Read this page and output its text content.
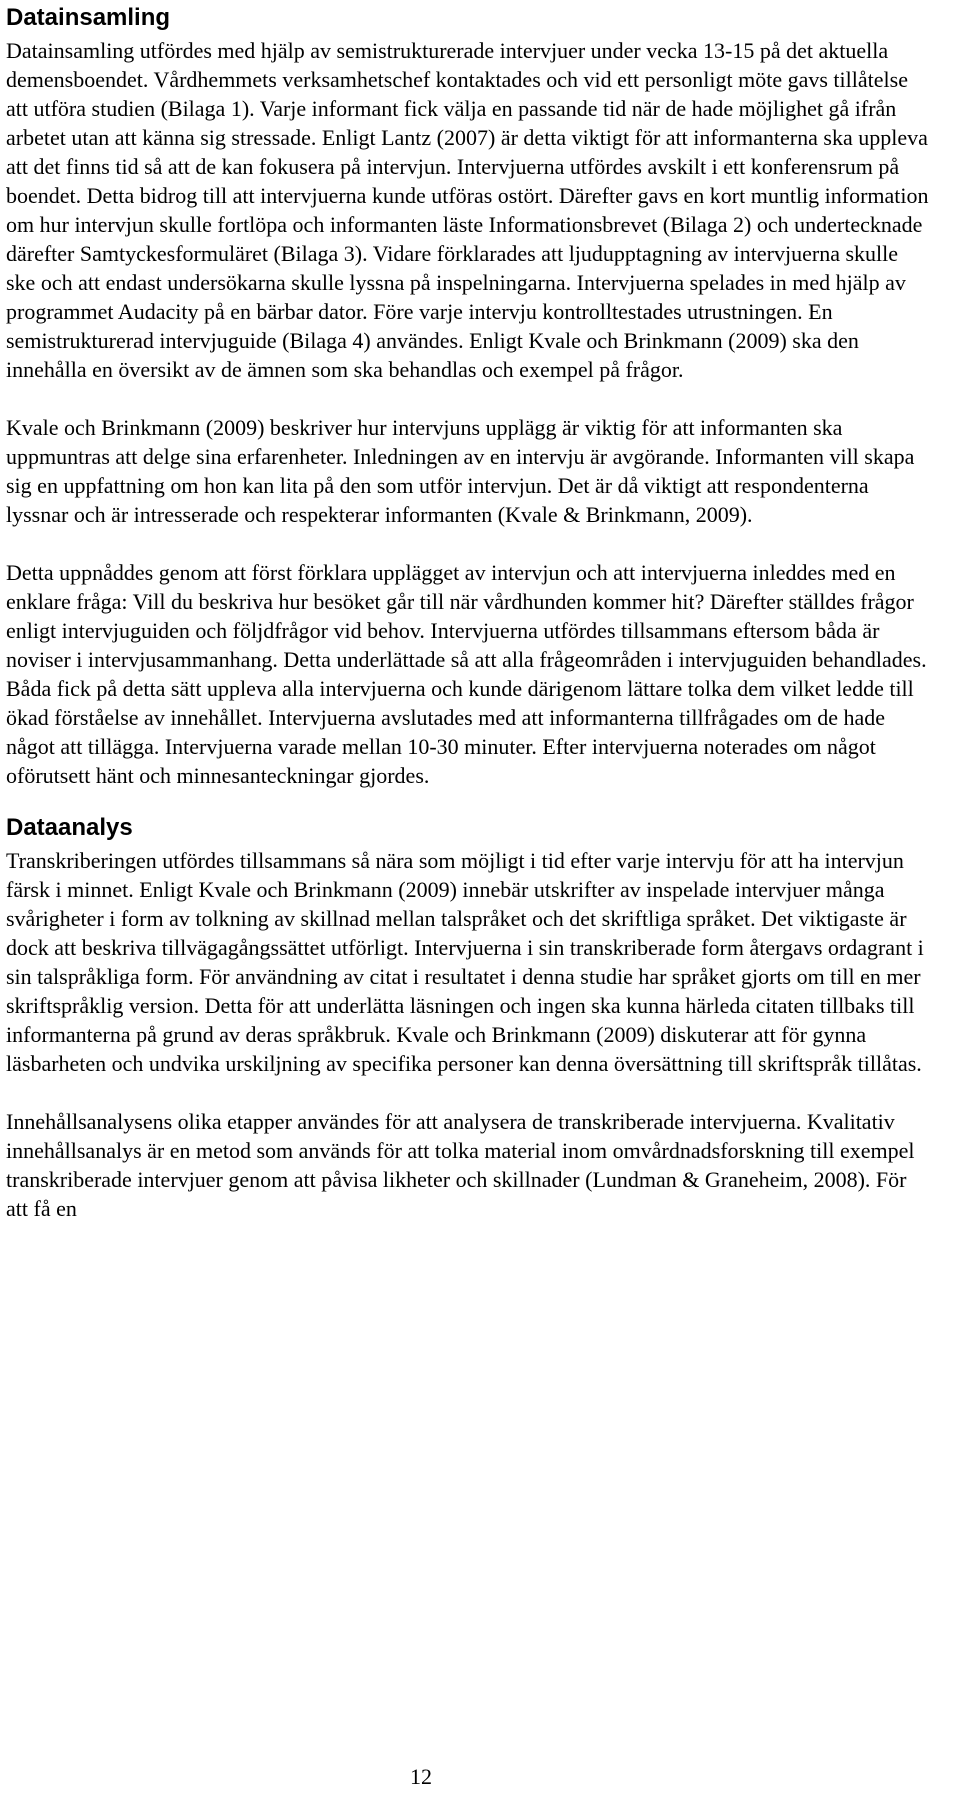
Datainsamling

Datainsamling utfördes med hjälp av semistrukturerade intervjuer under vecka 13-15 på det aktuella demensboendet. Vårdhemmets verksamhetschef kontaktades och vid ett personligt möte gavs tillåtelse att utföra studien (Bilaga 1). Varje informant fick välja en passande tid när de hade möjlighet gå ifrån arbetet utan att känna sig stressade. Enligt Lantz (2007) är detta viktigt för att informanterna ska uppleva att det finns tid så att de kan fokusera på intervjun. Intervjuerna utfördes avskilt i ett konferensrum på boendet. Detta bidrog till att intervjuerna kunde utföras ostört. Därefter gavs en kort muntlig information om hur intervjun skulle fortlöpa och informanten läste Informationsbrevet (Bilaga 2) och undertecknade därefter Samtyckesformuläret (Bilaga 3). Vidare förklarades att ljudupptagning av intervjuerna skulle ske och att endast undersökarna skulle lyssna på inspelningarna. Intervjuerna spelades in med hjälp av programmet Audacity på en bärbar dator. Före varje intervju kontrolltestades utrustningen. En semistrukturerad intervjuguide (Bilaga 4) användes. Enligt Kvale och Brinkmann (2009) ska den innehålla en översikt av de ämnen som ska behandlas och exempel på frågor.

Kvale och Brinkmann (2009) beskriver hur intervjuns upplägg är viktig för att informanten ska uppmuntras att delge sina erfarenheter. Inledningen av en intervju är avgörande. Informanten vill skapa sig en uppfattning om hon kan lita på den som utför intervjun. Det är då viktigt att respondenterna lyssnar och är intresserade och respekterar informanten (Kvale & Brinkmann, 2009).

Detta uppnåddes genom att först förklara upplägget av intervjun och att intervjuerna inleddes med en enklare fråga: Vill du beskriva hur besöket går till när vårdhunden kommer hit? Därefter ställdes frågor enligt intervjuguiden och följdfrågor vid behov. Intervjuerna utfördes tillsammans eftersom båda är noviser i intervjusammanhang. Detta underlättade så att alla frågeområden i intervjuguiden behandlades. Båda fick på detta sätt uppleva alla intervjuerna och kunde därigenom lättare tolka dem vilket ledde till ökad förståelse av innehållet. Intervjuerna avslutades med att informanterna tillfrågades om de hade något att tillägga. Intervjuerna varade mellan 10-30 minuter. Efter intervjuerna noterades om något oförutsett hänt och minnesanteckningar gjordes.

Dataanalys

Transkriberingen utfördes tillsammans så nära som möjligt i tid efter varje intervju för att ha intervjun färsk i minnet. Enligt Kvale och Brinkmann (2009) innebär utskrifter av inspelade intervjuer många svårigheter i form av tolkning av skillnad mellan talspråket och det skriftliga språket. Det viktigaste är dock att beskriva tillvägagångssättet utförligt. Intervjuerna i sin transkriberade form återgavs ordagrant i sin talspråkliga form. För användning av citat i resultatet i denna studie har språket gjorts om till en mer skriftspråklig version. Detta för att underlätta läsningen och ingen ska kunna härleda citaten tillbaks till informanterna på grund av deras språkbruk. Kvale och Brinkmann (2009) diskuterar att för gynna läsbarheten och undvika urskiljning av specifika personer kan denna översättning till skriftspråk tillåtas.

Innehållsanalysens olika etapper användes för att analysera de transkriberade intervjuerna. Kvalitativ innehållsanalys är en metod som används för att tolka material inom omvårdnadsforskning till exempel transkriberade intervjuer genom att påvisa likheter och skillnader (Lundman & Graneheim, 2008). För att få en

12
